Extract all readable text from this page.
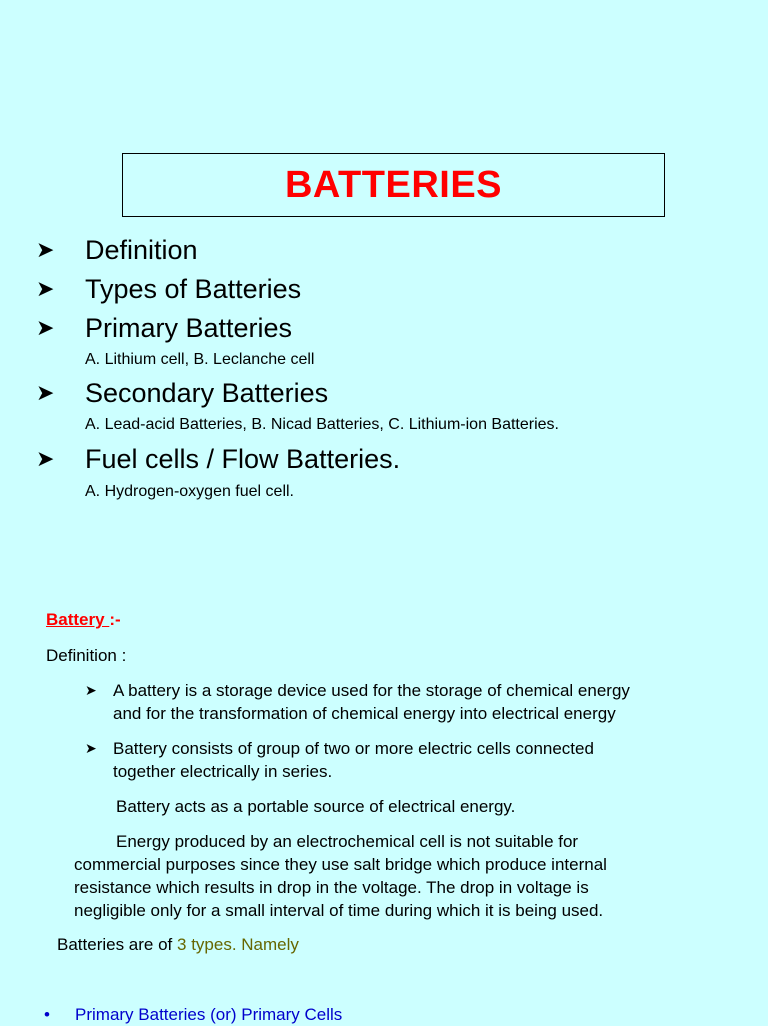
BATTERIES
➤ Definition
➤ Types of Batteries
➤ Primary Batteries
A. Lithium cell, B. Leclanche cell
➤ Secondary Batteries
A. Lead-acid Batteries, B. Nicad Batteries, C. Lithium-ion Batteries.
➤ Fuel cells / Flow Batteries.
A. Hydrogen-oxygen fuel cell.
Battery :-
Definition :
➤ A battery is a storage device used for the storage of chemical energy
and for the transformation of chemical energy into electrical energy
➤ Battery consists of group of two or more electric cells connected
together electrically in series.
Battery acts as a portable source of electrical energy.
Energy produced by an electrochemical cell is not suitable for
commercial purposes since they use salt bridge which produce internal
resistance which results in drop in the voltage. The drop in voltage is
negligible only for a small interval of time during which it is being used.
Batteries are of 3 types. Namely
• Primary Batteries (or) Primary Cells
